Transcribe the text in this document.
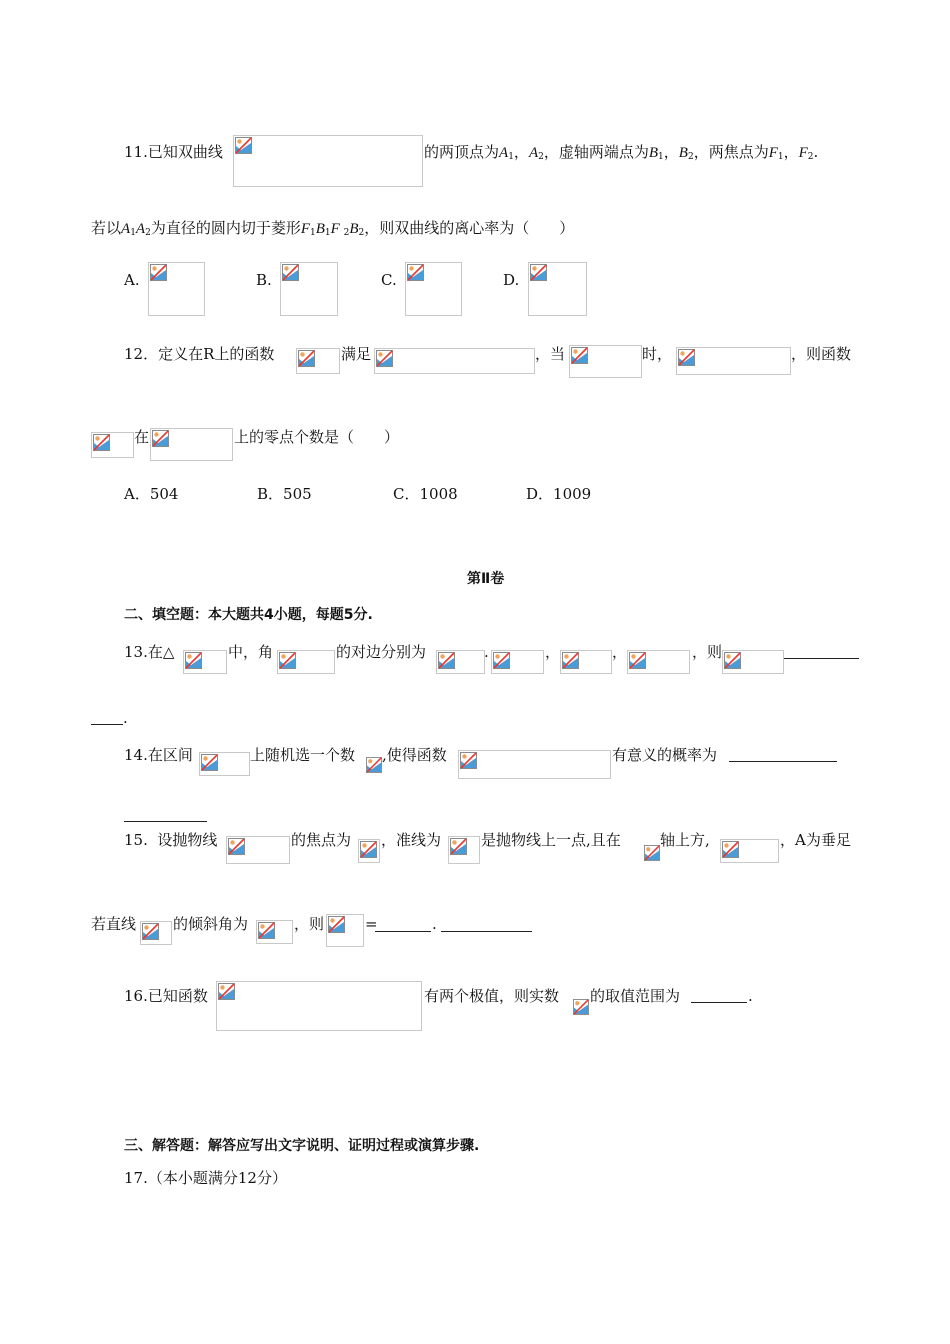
11.已知双曲线	的两顶点为$A_1$，$A_2$，虚轴两端点为$B_1$，$B_2$，两焦点为$F_1$，$F_2$.
若以$A_1A_2$为直径的圆内切于菱形$F_1B_1F$ $_2B_2$，则双曲线的离心率为（　　）
A.	B.	C.	D.
12．定义在R上的函数	满足	，当	时，	，则函数
在	上的零点个数是（　　）
A．504	B．505	C．1008	D．1009
第Ⅱ卷
二、填空题：本大题共4小题，每题5分.
13.在△	中，角	的对边分别为	.	，	，	，则
.
14.在区间	上随机选一个数 ,使得函数	有意义的概率为
15. 设抛物线	的焦点为 ，准线为	是抛物线上一点,且在	轴上方,	，A为垂足
若直线 的倾斜角为	，则	=	.
16.已知函数	有两个极值，则实数 的取值范围为	.
三、解答题：解答应写出文字说明、证明过程或演算步骤.
17.（本小题满分12分）
